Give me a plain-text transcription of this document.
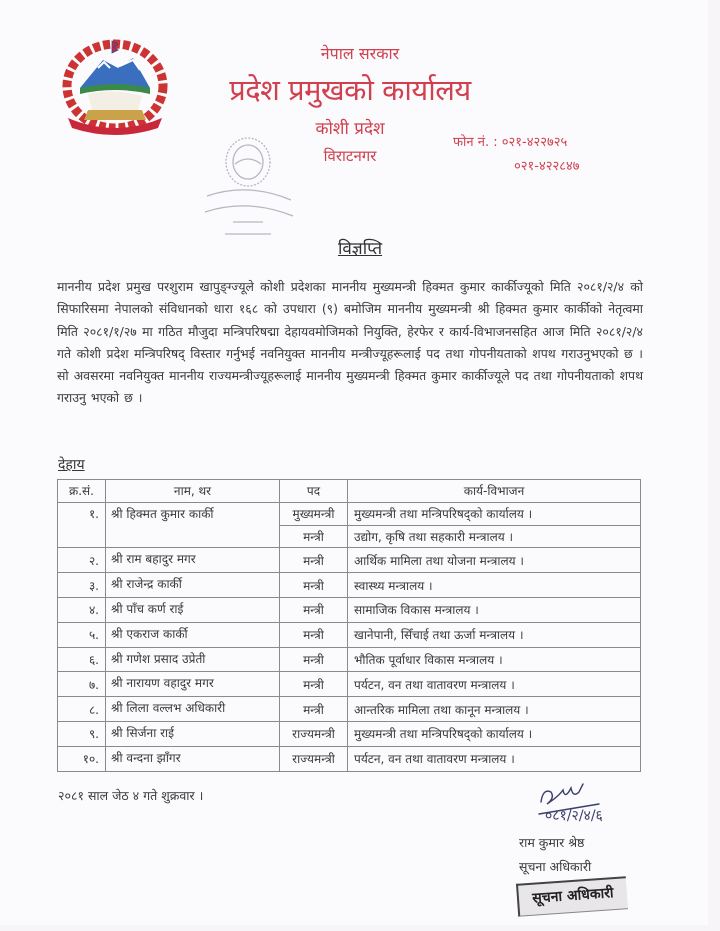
नेपाल सरकार
प्रदेश प्रमुखको कार्यालय
कोशी प्रदेश
विराटनगर
फोन नं. : ०२१-४२२७२५
०२१-४२२८४७
विज्ञप्ति
माननीय प्रदेश प्रमुख परशुराम खापुङ्ग्ज्यूले कोशी प्रदेशका माननीय मुख्यमन्त्री हिक्मत कुमार कार्कीज्यूको मिति २०८१/२/४ को सिफारिसमा नेपालको संविधानको धारा १६८ को उपधारा (९) बमोजिम माननीय मुख्यमन्त्री श्री हिक्मत कुमार कार्कीको नेतृत्वमा मिति २०८१/१/२७ मा गठित मौजुदा मन्त्रिपरिषद्मा देहायवमोजिमको नियुक्ति, हेरफेर र कार्य-विभाजनसहित आज मिति २०८१/२/४ गते कोशी प्रदेश मन्त्रिपरिषद् विस्तार गर्नुभई नवनियुक्त माननीय मन्त्रीज्यूहरूलाई पद तथा गोपनीयताको शपथ गराउनुभएको छ । सो अवसरमा नवनियुक्त माननीय राज्यमन्त्रीज्यूहरूलाई माननीय मुख्यमन्त्री हिक्मत कुमार कार्कीज्यूले पद तथा गोपनीयताको शपथ गराउनु भएको छ ।
देहाय
क्र.सं.	नाम, थर	पद	कार्य-विभाजन
१.	श्री हिक्मत कुमार कार्की	मुख्यमन्त्री	मुख्यमन्त्री तथा मन्त्रिपरिषद्को कार्यालय ।
		मन्त्री	उद्योग, कृषि तथा सहकारी मन्त्रालय ।
२.	श्री राम बहादुर मगर	मन्त्री	आर्थिक मामिला तथा योजना मन्त्रालय ।
३.	श्री राजेन्द्र कार्की	मन्त्री	स्वास्थ्य मन्त्रालय ।
४.	श्री पाँच कर्ण राई	मन्त्री	सामाजिक विकास मन्त्रालय ।
५.	श्री एकराज कार्की	मन्त्री	खानेपानी, सिँचाई तथा ऊर्जा मन्त्रालय ।
६.	श्री गणेश प्रसाद उप्रेती	मन्त्री	भौतिक पूर्वाधार विकास मन्त्रालय ।
७.	श्री नारायण वहादुर मगर	मन्त्री	पर्यटन, वन तथा वातावरण मन्त्रालय ।
८.	श्री लिला वल्लभ अधिकारी	मन्त्री	आन्तरिक मामिला तथा कानून मन्त्रालय ।
९.	श्री सिर्जना राई	राज्यमन्त्री	मुख्यमन्त्री तथा मन्त्रिपरिषद्को कार्यालय ।
१०.	श्री वन्दना झाँगर	राज्यमन्त्री	पर्यटन, वन तथा वातावरण मन्त्रालय ।
२०८१ साल जेठ ४ गते शुक्रवार ।
०८१/२/४/६
राम कुमार श्रेष्ठ
सूचना अधिकारी
सूचना अधिकारी
